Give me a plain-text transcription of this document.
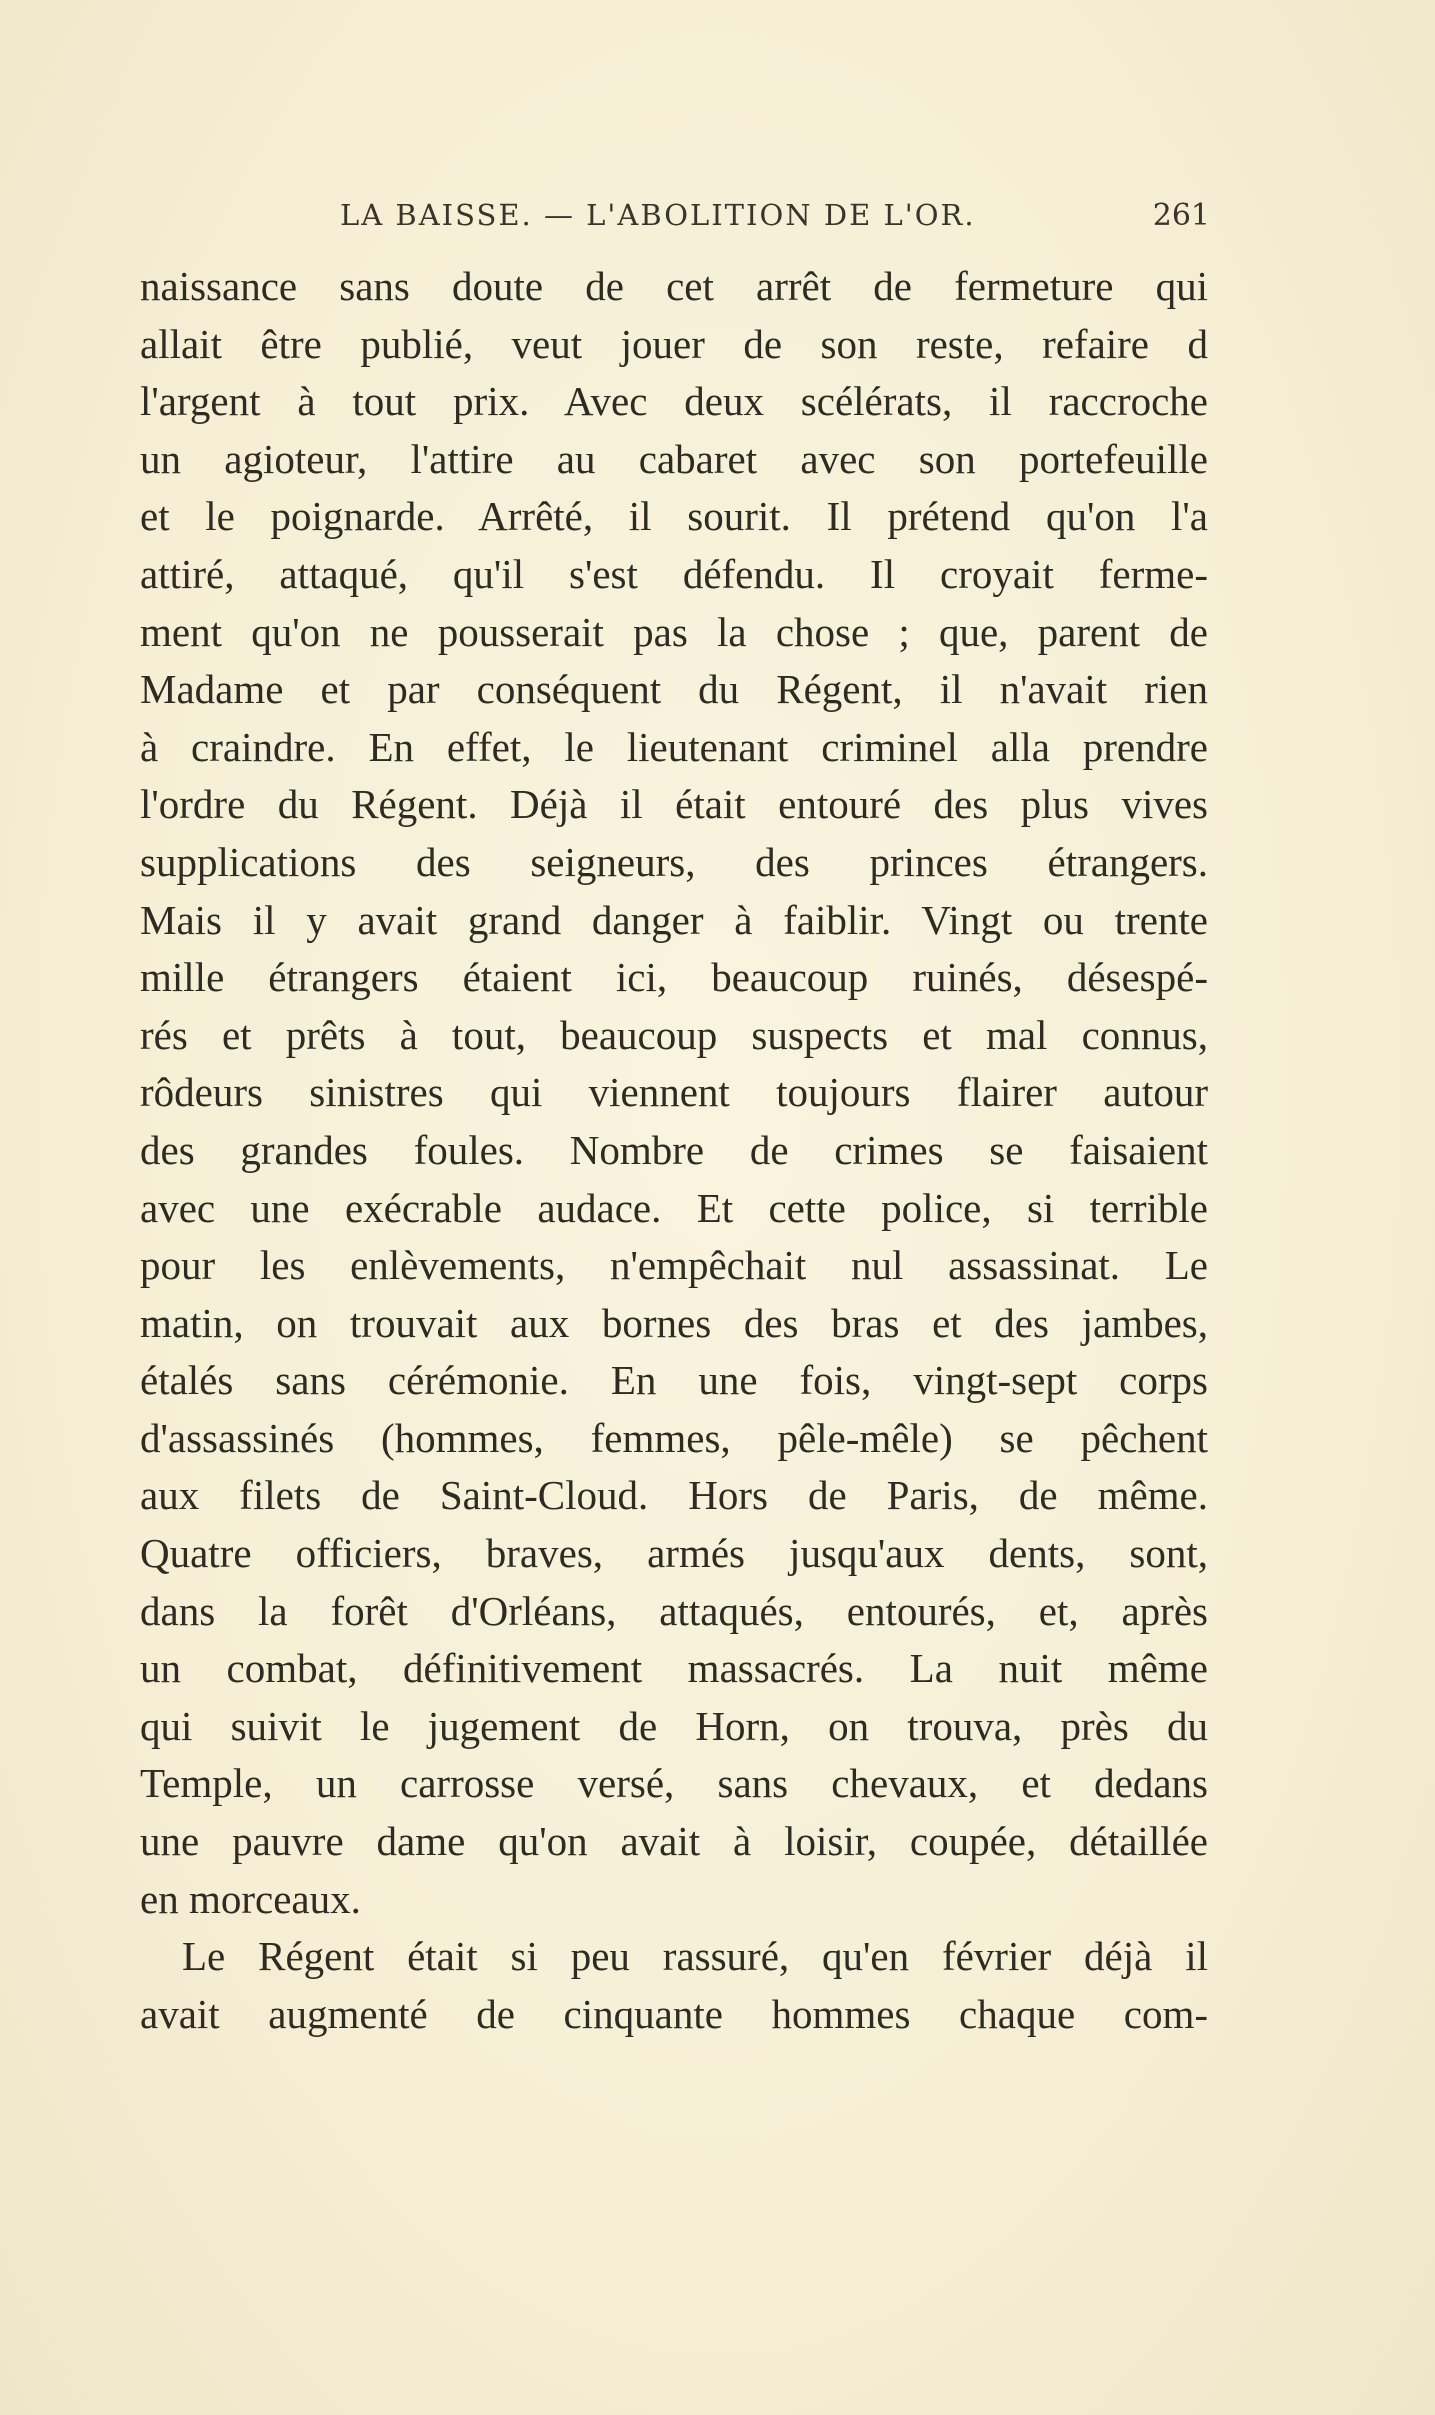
LA BAISSE. — L'ABOLITION DE L'OR.	261
naissance sans doute de cet arrêt de fermeture qui
allait être publié, veut jouer de son reste, refaire d
l'argent à tout prix. Avec deux scélérats, il raccroche
un agioteur, l'attire au cabaret avec son portefeuille
et le poignarde. Arrêté, il sourit. Il prétend qu'on l'a
attiré, attaqué, qu'il s'est défendu. Il croyait ferme-
ment qu'on ne pousserait pas la chose ; que, parent de
Madame et par conséquent du Régent, il n'avait rien
à craindre. En effet, le lieutenant criminel alla prendre
l'ordre du Régent. Déjà il était entouré des plus vives
supplications des seigneurs, des princes étrangers.
Mais il y avait grand danger à faiblir. Vingt ou trente
mille étrangers étaient ici, beaucoup ruinés, désespé-
rés et prêts à tout, beaucoup suspects et mal connus,
rôdeurs sinistres qui viennent toujours flairer autour
des grandes foules. Nombre de crimes se faisaient
avec une exécrable audace. Et cette police, si terrible
pour les enlèvements, n'empêchait nul assassinat. Le
matin, on trouvait aux bornes des bras et des jambes,
étalés sans cérémonie. En une fois, vingt-sept corps
d'assassinés (hommes, femmes, pêle-mêle) se pêchent
aux filets de Saint-Cloud. Hors de Paris, de même.
Quatre officiers, braves, armés jusqu'aux dents, sont,
dans la forêt d'Orléans, attaqués, entourés, et, après
un combat, définitivement massacrés. La nuit même
qui suivit le jugement de Horn, on trouva, près du
Temple, un carrosse versé, sans chevaux, et dedans
une pauvre dame qu'on avait à loisir, coupée, détaillée
en morceaux.
Le Régent était si peu rassuré, qu'en février déjà il
avait augmenté de cinquante hommes chaque com-
